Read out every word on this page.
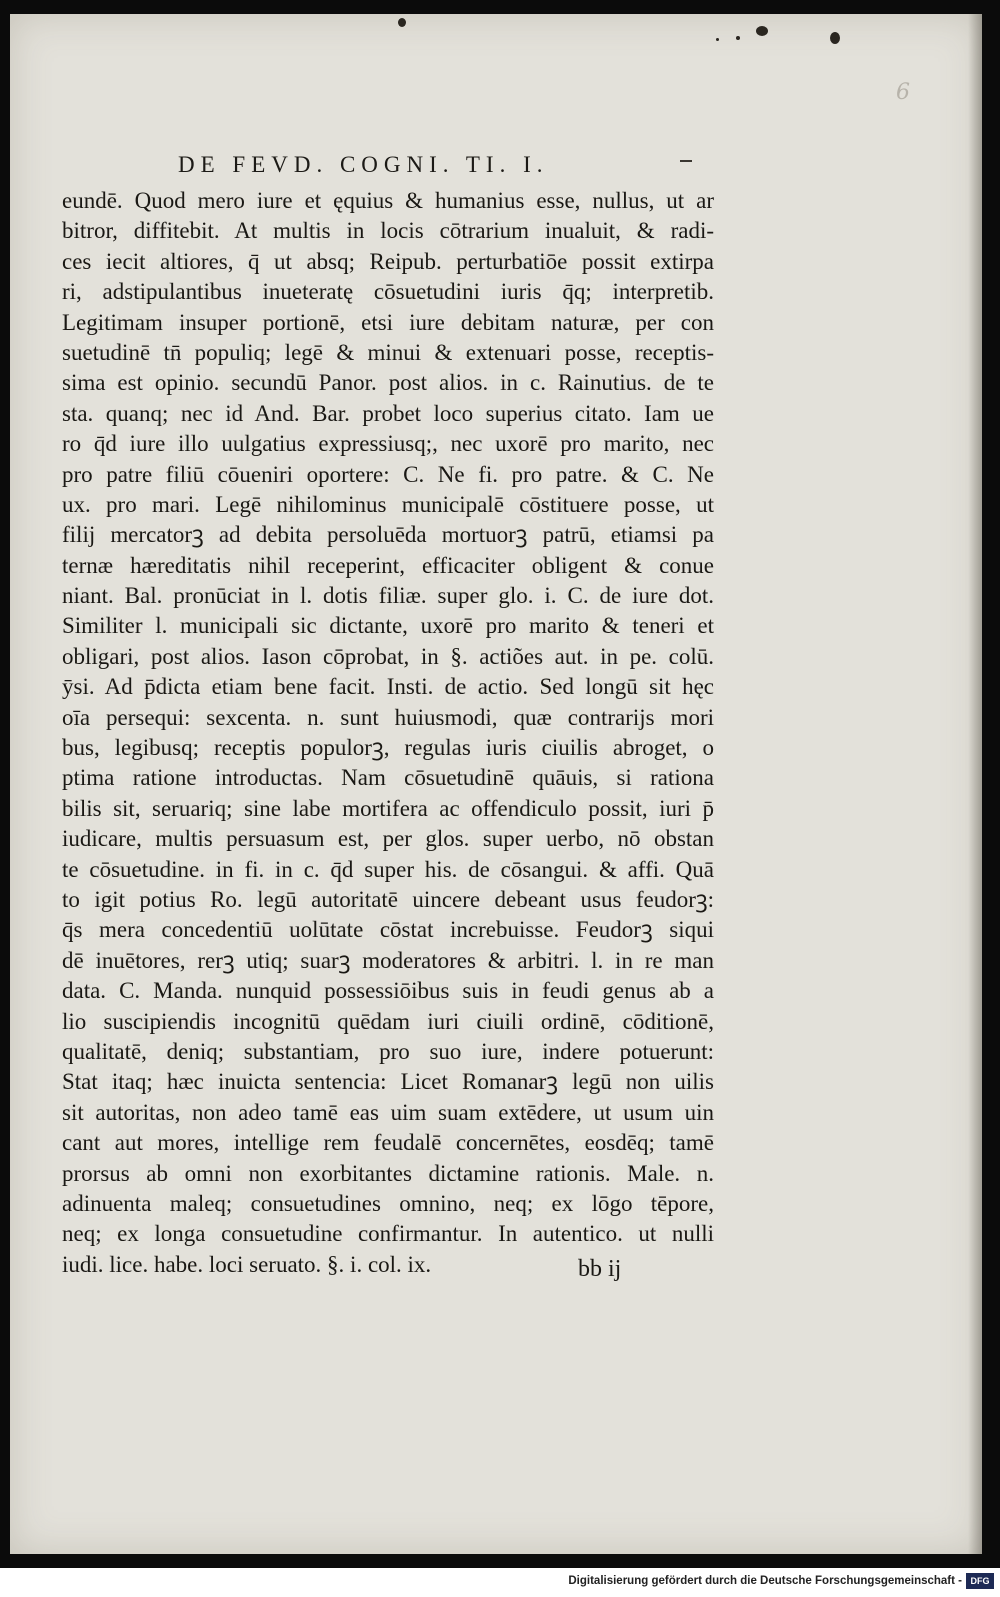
6
DE FEVD. COGNI. TI. I.
eundē. Quod mero iure et ęquius & humanius esse, nullus, ut ar
bitror, diffitebit. At multis in locis cōtrarium inualuit, & radi-
ces iecit altiores, q̄ ut absq; Reipub. perturbatiōe possit extirpa
ri, adstipulantibus inueteratę cōsuetudini iuris q̄q; interpretib.
Legitimam insuper portionē, etsi iure debitam naturæ, per con
suetudinē tn̄ populiq; legē & minui & extenuari posse, receptis-
sima est opinio. secundū Panor. post alios. in c. Rainutius. de te
sta. quanq; nec id And. Bar. probet loco superius citato. Iam ue
ro q̄d iure illo uulgatius expressiusq;, nec uxorē pro marito, nec
pro patre filiū cōueniri oportere: C. Ne fi. pro patre. & C. Ne
ux. pro mari. Legē nihilominus municipalē cōstituere posse, ut
filij mercatorꝫ ad debita persoluēda mortuorꝫ patrū, etiamsi pa
ternæ hæreditatis nihil receperint, efficaciter obligent & conue
niant. Bal. pronūciat in l. dotis filiæ. super glo. i. C. de iure dot.
Similiter l. municipali sic dictante, uxorē pro marito & teneri et
obligari, post alios. Iason cōprobat, in §. actiões aut. in pe. colū.
ȳsi. Ad p̄dicta etiam bene facit. Insti. de actio. Sed longū sit hęc
oīa persequi: sexcenta. n. sunt huiusmodi, quæ contrarijs mori
bus, legibusq; receptis populorꝫ, regulas iuris ciuilis abroget, o
ptima ratione introductas. Nam cōsuetudinē quāuis, si rationa
bilis sit, seruariq; sine labe mortifera ac offendiculo possit, iuri p̄
iudicare, multis persuasum est, per glos. super uerbo, nō obstan
te cōsuetudine. in fi. in c. q̄d super his. de cōsangui. & affi. Quā
to igit potius Ro. legū autoritatē uincere debeant usus feudorꝫ:
q̄s mera concedentiū uolūtate cōstat increbuisse. Feudorꝫ siqui
dē inuētores, rerꝫ utiq; suarꝫ moderatores & arbitri. l. in re man
data. C. Manda. nunquid possessiōibus suis in feudi genus ab a
lio suscipiendis incognitū quēdam iuri ciuili ordinē, cōditionē,
qualitatē, deniq; substantiam, pro suo iure, indere potuerunt:
Stat itaq; hæc inuicta sentencia: Licet Romanarꝫ legū non uilis
sit autoritas, non adeo tamē eas uim suam extēdere, ut usum uin
cant aut mores, intellige rem feudalē concernētes, eosdēq; tamē
prorsus ab omni non exorbitantes dictamine rationis. Male. n.
adinuenta maleq; consuetudines omnino, neq; ex lōgo tēpore,
neq; ex longa consuetudine confirmantur. In autentico. ut nulli
iudi. lice. habe. loci seruato. §. i. col. ix.	bb ij
Digitalisierung gefördert durch die Deutsche Forschungsgemeinschaft - DFG
